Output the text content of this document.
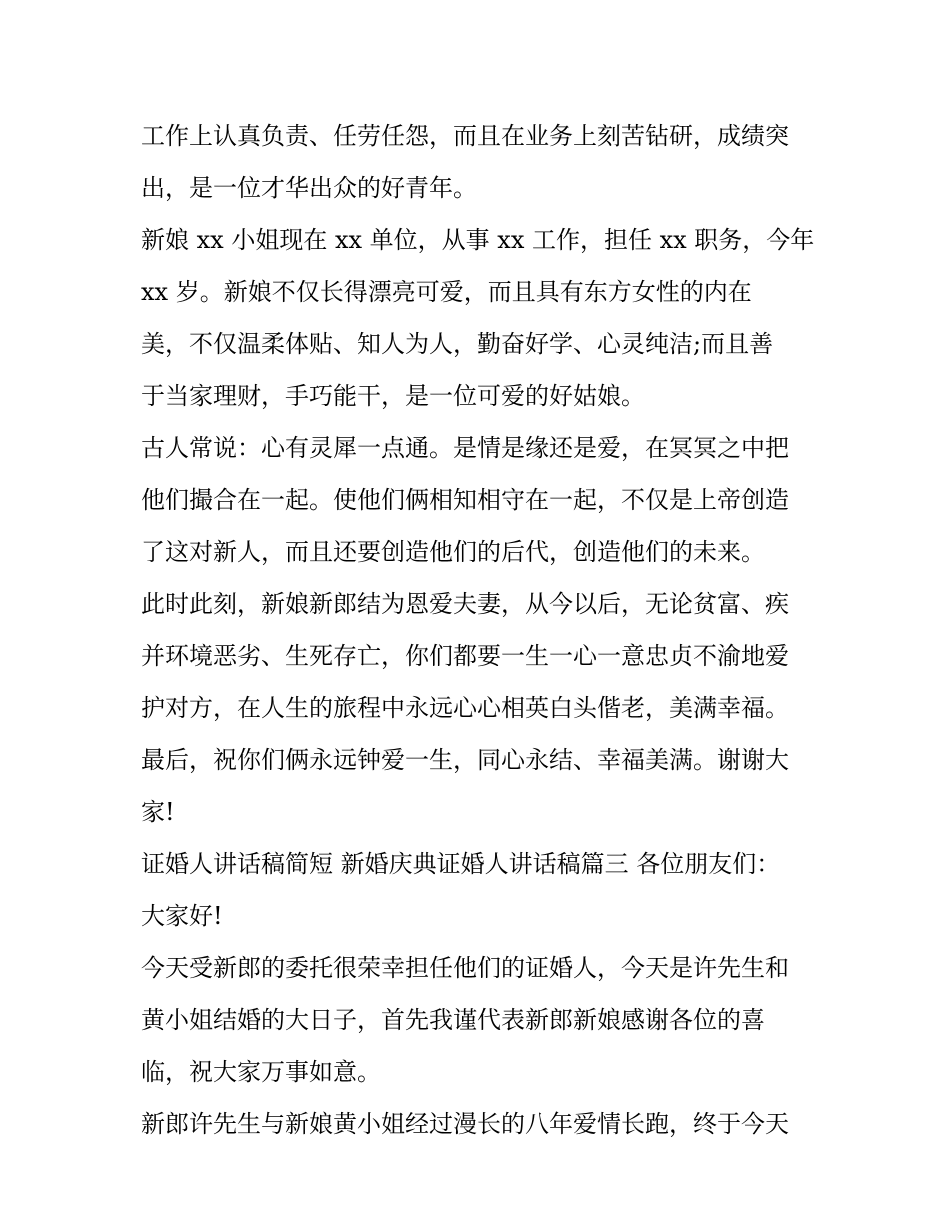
工作上认真负责、任劳任怨，而且在业务上刻苦钻研，成绩突
出，是一位才华出众的好青年。
新娘 xx 小姐现在 xx 单位，从事 xx 工作，担任 xx 职务，今年
xx 岁。新娘不仅长得漂亮可爱，而且具有东方女性的内在
美，不仅温柔体贴、知人为人，勤奋好学、心灵纯洁;而且善
于当家理财，手巧能干，是一位可爱的好姑娘。
古人常说：心有灵犀一点通。是情是缘还是爱，在冥冥之中把
他们撮合在一起。使他们俩相知相守在一起，不仅是上帝创造
了这对新人，而且还要创造他们的后代，创造他们的未来。
此时此刻，新娘新郎结为恩爱夫妻，从今以后，无论贫富、疾
并环境恶劣、生死存亡，你们都要一生一心一意忠贞不渝地爱
护对方，在人生的旅程中永远心心相英白头偕老，美满幸福。
最后，祝你们俩永远钟爱一生，同心永结、幸福美满。谢谢大
家!
证婚人讲话稿简短 新婚庆典证婚人讲话稿篇三 各位朋友们：
大家好!
今天受新郎的委托很荣幸担任他们的证婚人，今天是许先生和
黄小姐结婚的大日子，首先我谨代表新郎新娘感谢各位的喜
临，祝大家万事如意。
新郎许先生与新娘黄小姐经过漫长的八年爱情长跑，终于今天
